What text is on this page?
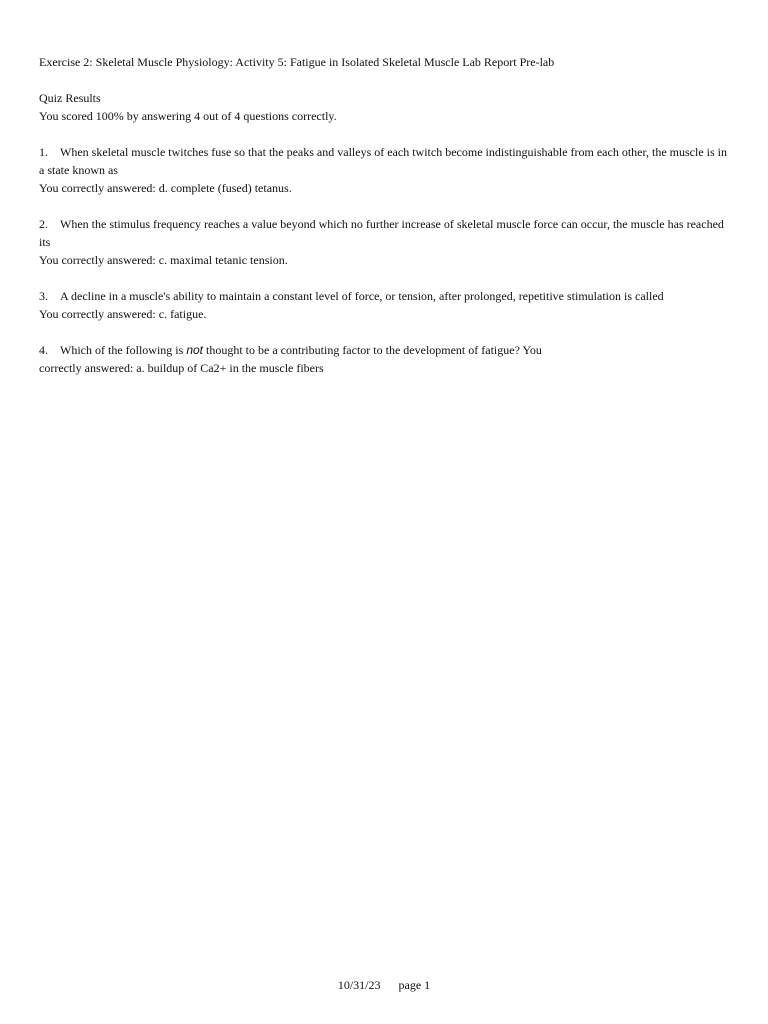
Exercise 2: Skeletal Muscle Physiology: Activity 5: Fatigue in Isolated Skeletal Muscle Lab Report Pre-lab

Quiz Results

You scored 100% by answering 4 out of 4 questions correctly.

1. When skeletal muscle twitches fuse so that the peaks and valleys of each twitch become indistinguishable from each other, the muscle is in a state known as

You correctly answered: d. complete (fused) tetanus.

2. When the stimulus frequency reaches a value beyond which no further increase of skeletal muscle force can occur, the muscle has reached its

You correctly answered: c. maximal tetanic tension.

3. A decline in a muscle's ability to maintain a constant level of force, or tension, after prolonged, repetitive stimulation is called

You correctly answered: c. fatigue.

4. Which of the following is not thought to be a contributing factor to the development of fatigue? You

correctly answered: a. buildup of Ca2+ in the muscle fibers

10/31/23 page 1
